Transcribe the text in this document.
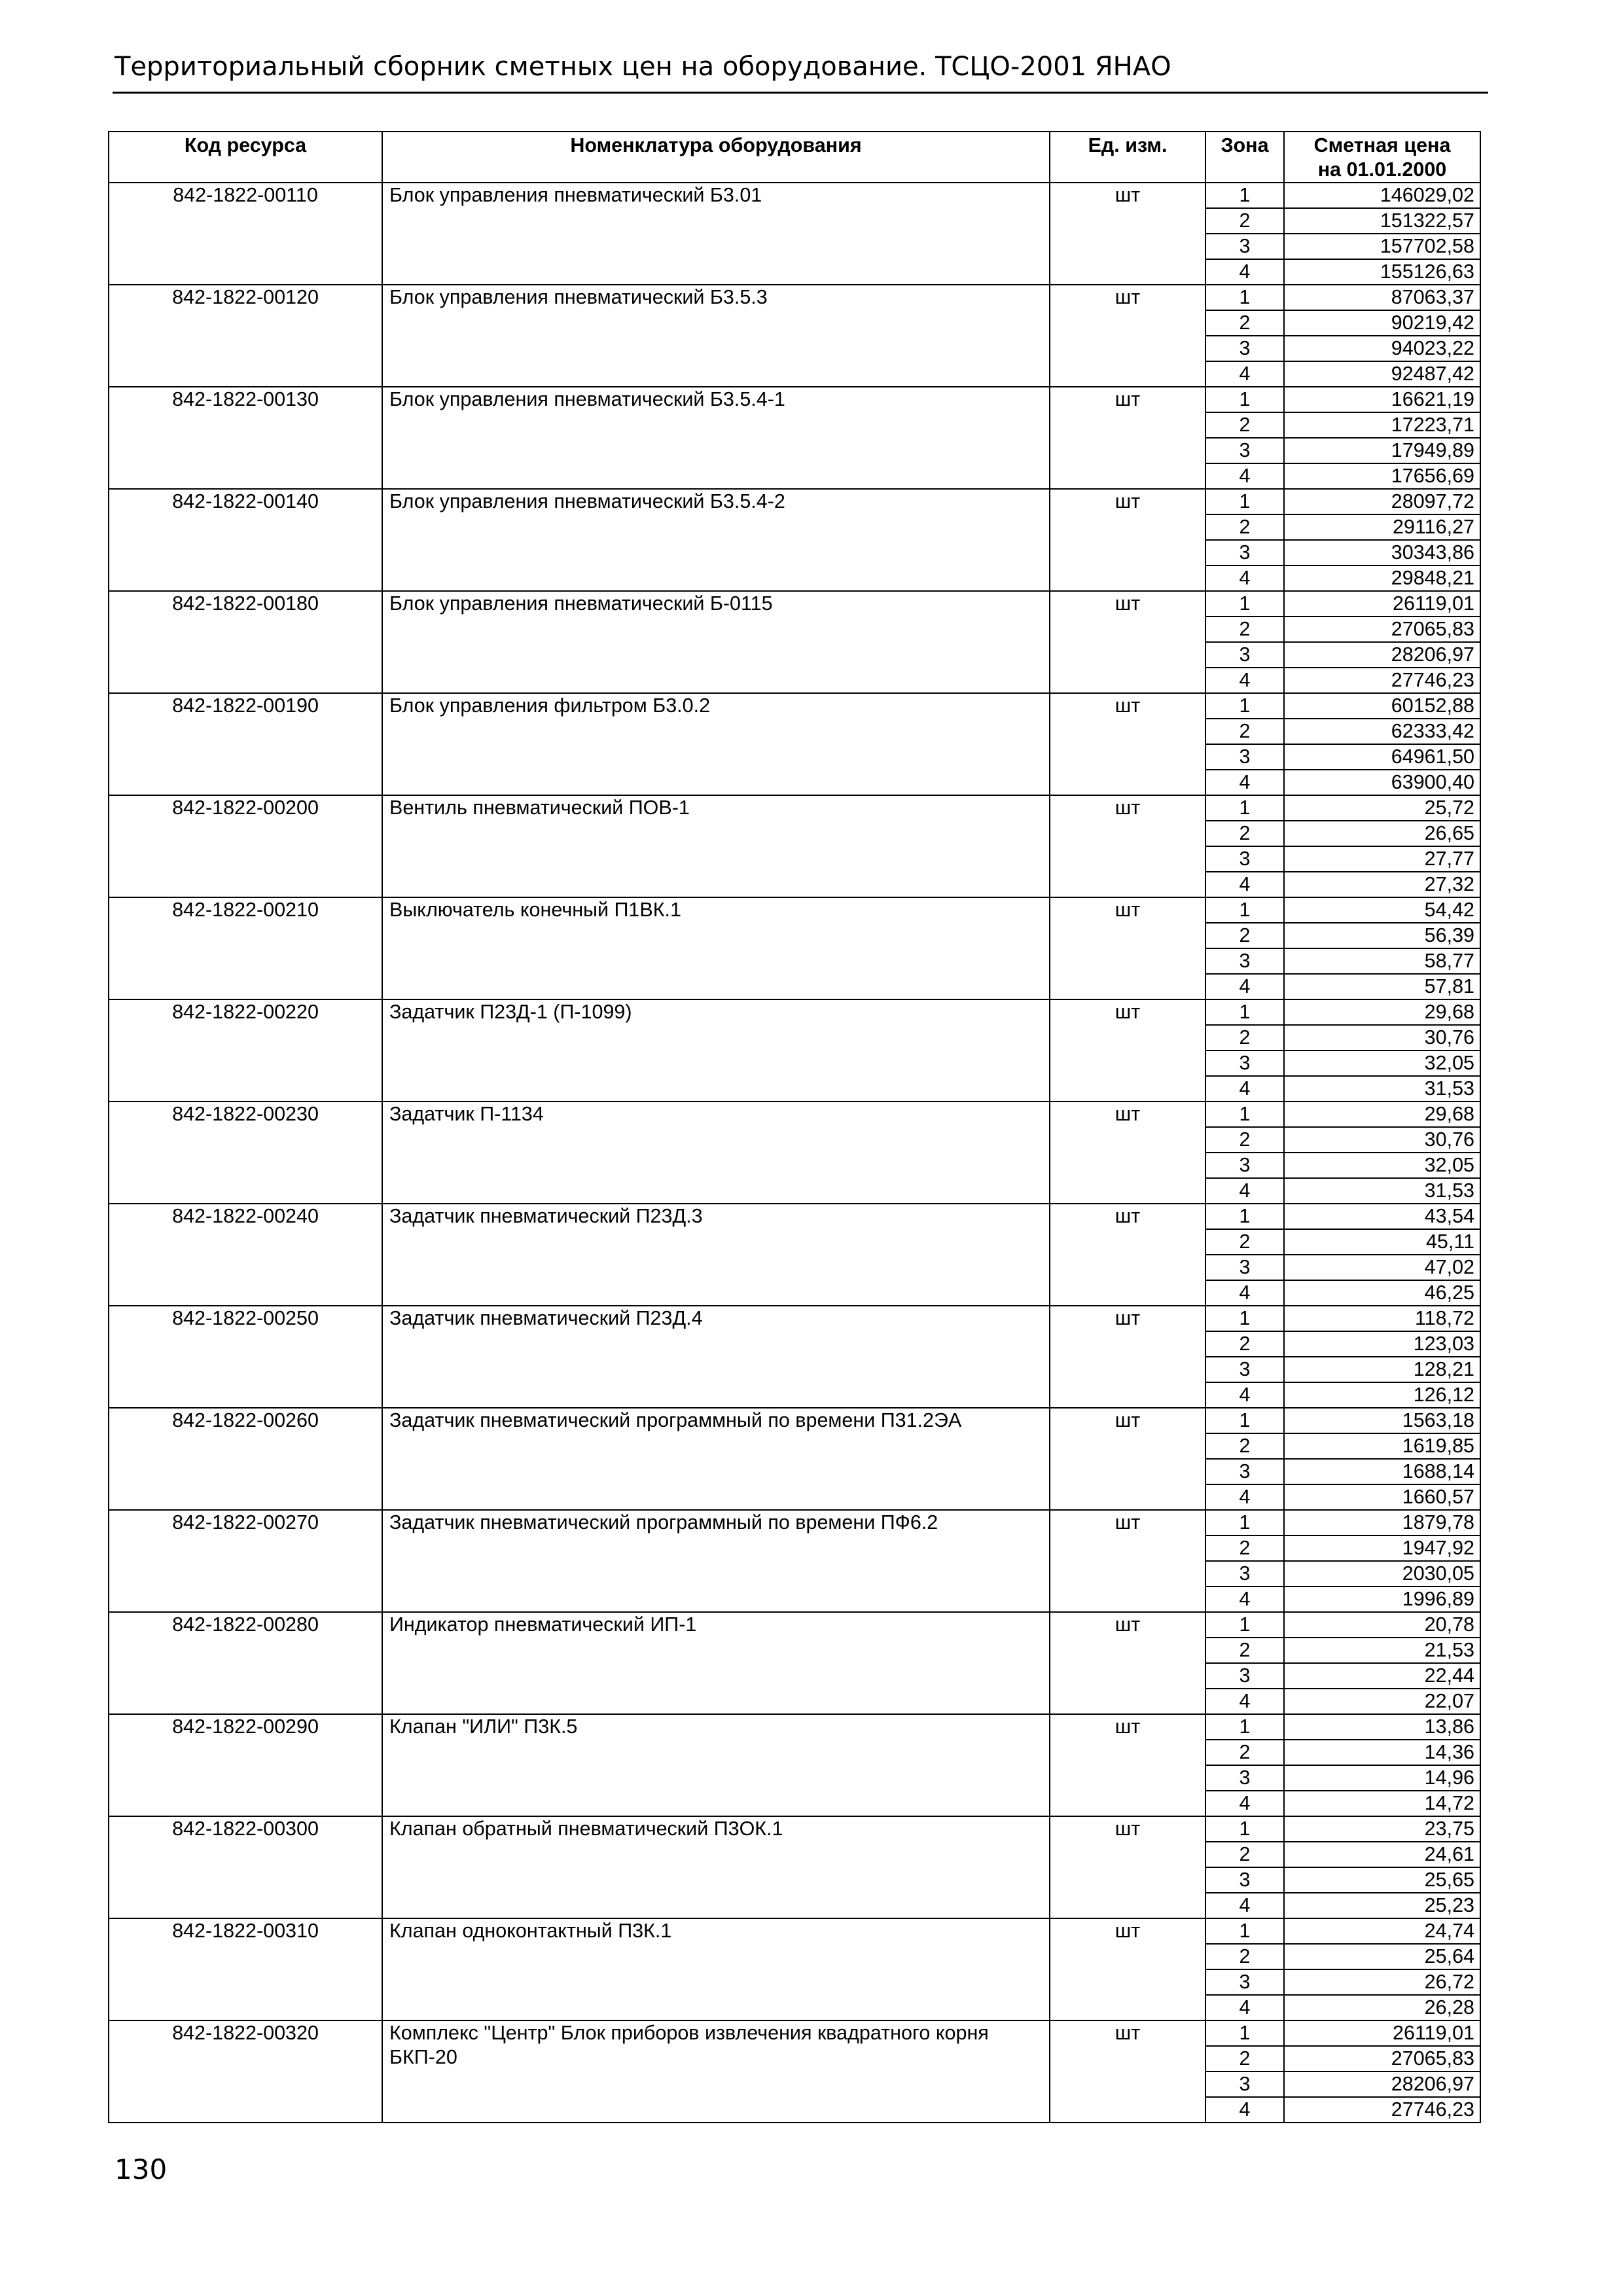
Территориальный сборник сметных цен на оборудование. ТСЦО-2001 ЯНАО
Код ресурса	Номенклатура оборудования	Ед. изм.	Зона	Сметная цена
на 01.01.2000
842-1822-00110	Блок управления пневматический Б3.01	шт	1	146029,02
			2	151322,57
			3	157702,58
			4	155126,63
842-1822-00120	Блок управления пневматический Б3.5.3	шт	1	87063,37
			2	90219,42
			3	94023,22
			4	92487,42
842-1822-00130	Блок управления пневматический Б3.5.4-1	шт	1	16621,19
			2	17223,71
			3	17949,89
			4	17656,69
842-1822-00140	Блок управления пневматический Б3.5.4-2	шт	1	28097,72
			2	29116,27
			3	30343,86
			4	29848,21
842-1822-00180	Блок управления пневматический Б-0115	шт	1	26119,01
			2	27065,83
			3	28206,97
			4	27746,23
842-1822-00190	Блок управления фильтром Б3.0.2	шт	1	60152,88
			2	62333,42
			3	64961,50
			4	63900,40
842-1822-00200	Вентиль пневматический ПОВ-1	шт	1	25,72
			2	26,65
			3	27,77
			4	27,32
842-1822-00210	Выключатель конечный П1ВК.1	шт	1	54,42
			2	56,39
			3	58,77
			4	57,81
842-1822-00220	Задатчик П23Д-1 (П-1099)	шт	1	29,68
			2	30,76
			3	32,05
			4	31,53
842-1822-00230	Задатчик П-1134	шт	1	29,68
			2	30,76
			3	32,05
			4	31,53
842-1822-00240	Задатчик пневматический П23Д.3	шт	1	43,54
			2	45,11
			3	47,02
			4	46,25
842-1822-00250	Задатчик пневматический П23Д.4	шт	1	118,72
			2	123,03
			3	128,21
			4	126,12
842-1822-00260	Задатчик пневматический программный по времени П31.2ЭА	шт	1	1563,18
			2	1619,85
			3	1688,14
			4	1660,57
842-1822-00270	Задатчик пневматический программный по времени ПФ6.2	шт	1	1879,78
			2	1947,92
			3	2030,05
			4	1996,89
842-1822-00280	Индикатор пневматический ИП-1	шт	1	20,78
			2	21,53
			3	22,44
			4	22,07
842-1822-00290	Клапан "ИЛИ" П3К.5	шт	1	13,86
			2	14,36
			3	14,96
			4	14,72
842-1822-00300	Клапан обратный пневматический П3ОК.1	шт	1	23,75
			2	24,61
			3	25,65
			4	25,23
842-1822-00310	Клапан одноконтактный П3К.1	шт	1	24,74
			2	25,64
			3	26,72
			4	26,28
842-1822-00320	Комплекс "Центр" Блок приборов извлечения квадратного корня БКП-20	шт	1	26119,01
			2	27065,83
			3	28206,97
			4	27746,23
130
